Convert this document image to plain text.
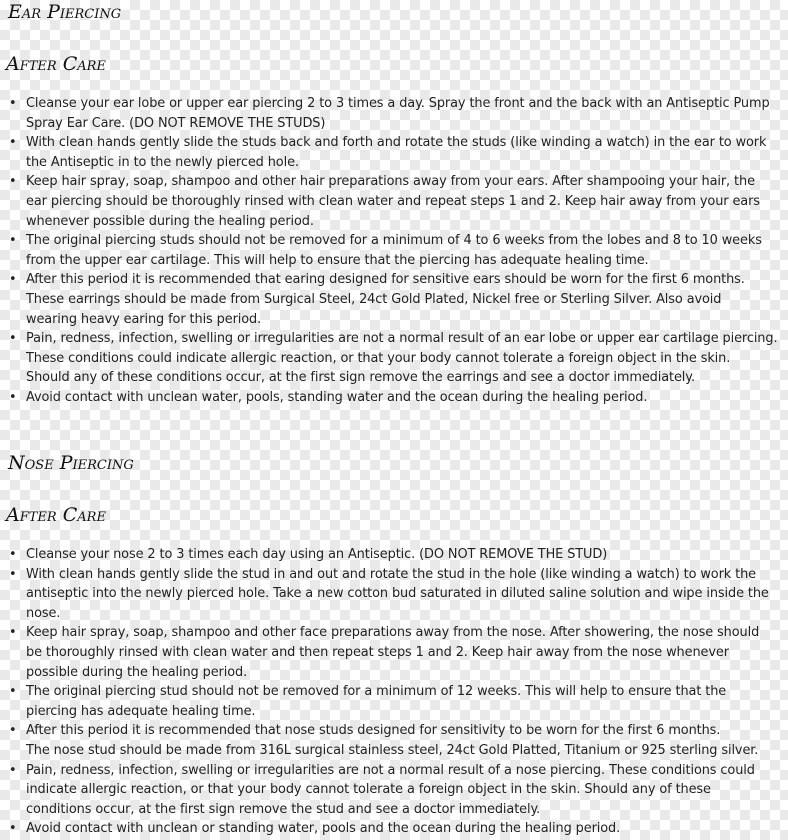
Ear Piercing
After Care
• Cleanse your ear lobe or upper ear piercing 2 to 3 times a day. Spray the front and the back with an Antiseptic Pump
Spray Ear Care. (DO NOT REMOVE THE STUDS)
• With clean hands gently slide the studs back and forth and rotate the studs (like winding a watch) in the ear to work
the Antiseptic in to the newly pierced hole.
• Keep hair spray, soap, shampoo and other hair preparations away from your ears. After shampooing your hair, the
ear piercing should be thoroughly rinsed with clean water and repeat steps 1 and 2. Keep hair away from your ears
whenever possible during the healing period.
• The original piercing studs should not be removed for a minimum of 4 to 6 weeks from the lobes and 8 to 10 weeks
from the upper ear cartilage. This will help to ensure that the piercing has adequate healing time.
• After this period it is recommended that earing designed for sensitive ears should be worn for the first 6 months.
These earrings should be made from Surgical Steel, 24ct Gold Plated, Nickel free or Sterling Silver. Also avoid
wearing heavy earing for this period.
• Pain, redness, infection, swelling or irregularities are not a normal result of an ear lobe or upper ear cartilage piercing.
These conditions could indicate allergic reaction, or that your body cannot tolerate a foreign object in the skin.
Should any of these conditions occur, at the first sign remove the earrings and see a doctor immediately.
• Avoid contact with unclean water, pools, standing water and the ocean during the healing period.
Nose Piercing
After Care
• Cleanse your nose 2 to 3 times each day using an Antiseptic. (DO NOT REMOVE THE STUD)
• With clean hands gently slide the stud in and out and rotate the stud in the hole (like winding a watch) to work the
antiseptic into the newly pierced hole. Take a new cotton bud saturated in diluted saline solution and wipe inside the
nose.
• Keep hair spray, soap, shampoo and other face preparations away from the nose. After showering, the nose should
be thoroughly rinsed with clean water and then repeat steps 1 and 2. Keep hair away from the nose whenever
possible during the healing period.
• The original piercing stud should not be removed for a minimum of 12 weeks. This will help to ensure that the
piercing has adequate healing time.
• After this period it is recommended that nose studs designed for sensitivity to be worn for the first 6 months.
The nose stud should be made from 316L surgical stainless steel, 24ct Gold Platted, Titanium or 925 sterling silver.
• Pain, redness, infection, swelling or irregularities are not a normal result of a nose piercing. These conditions could
indicate allergic reaction, or that your body cannot tolerate a foreign object in the skin. Should any of these
conditions occur, at the first sign remove the stud and see a doctor immediately.
• Avoid contact with unclean or standing water, pools and the ocean during the healing period.
